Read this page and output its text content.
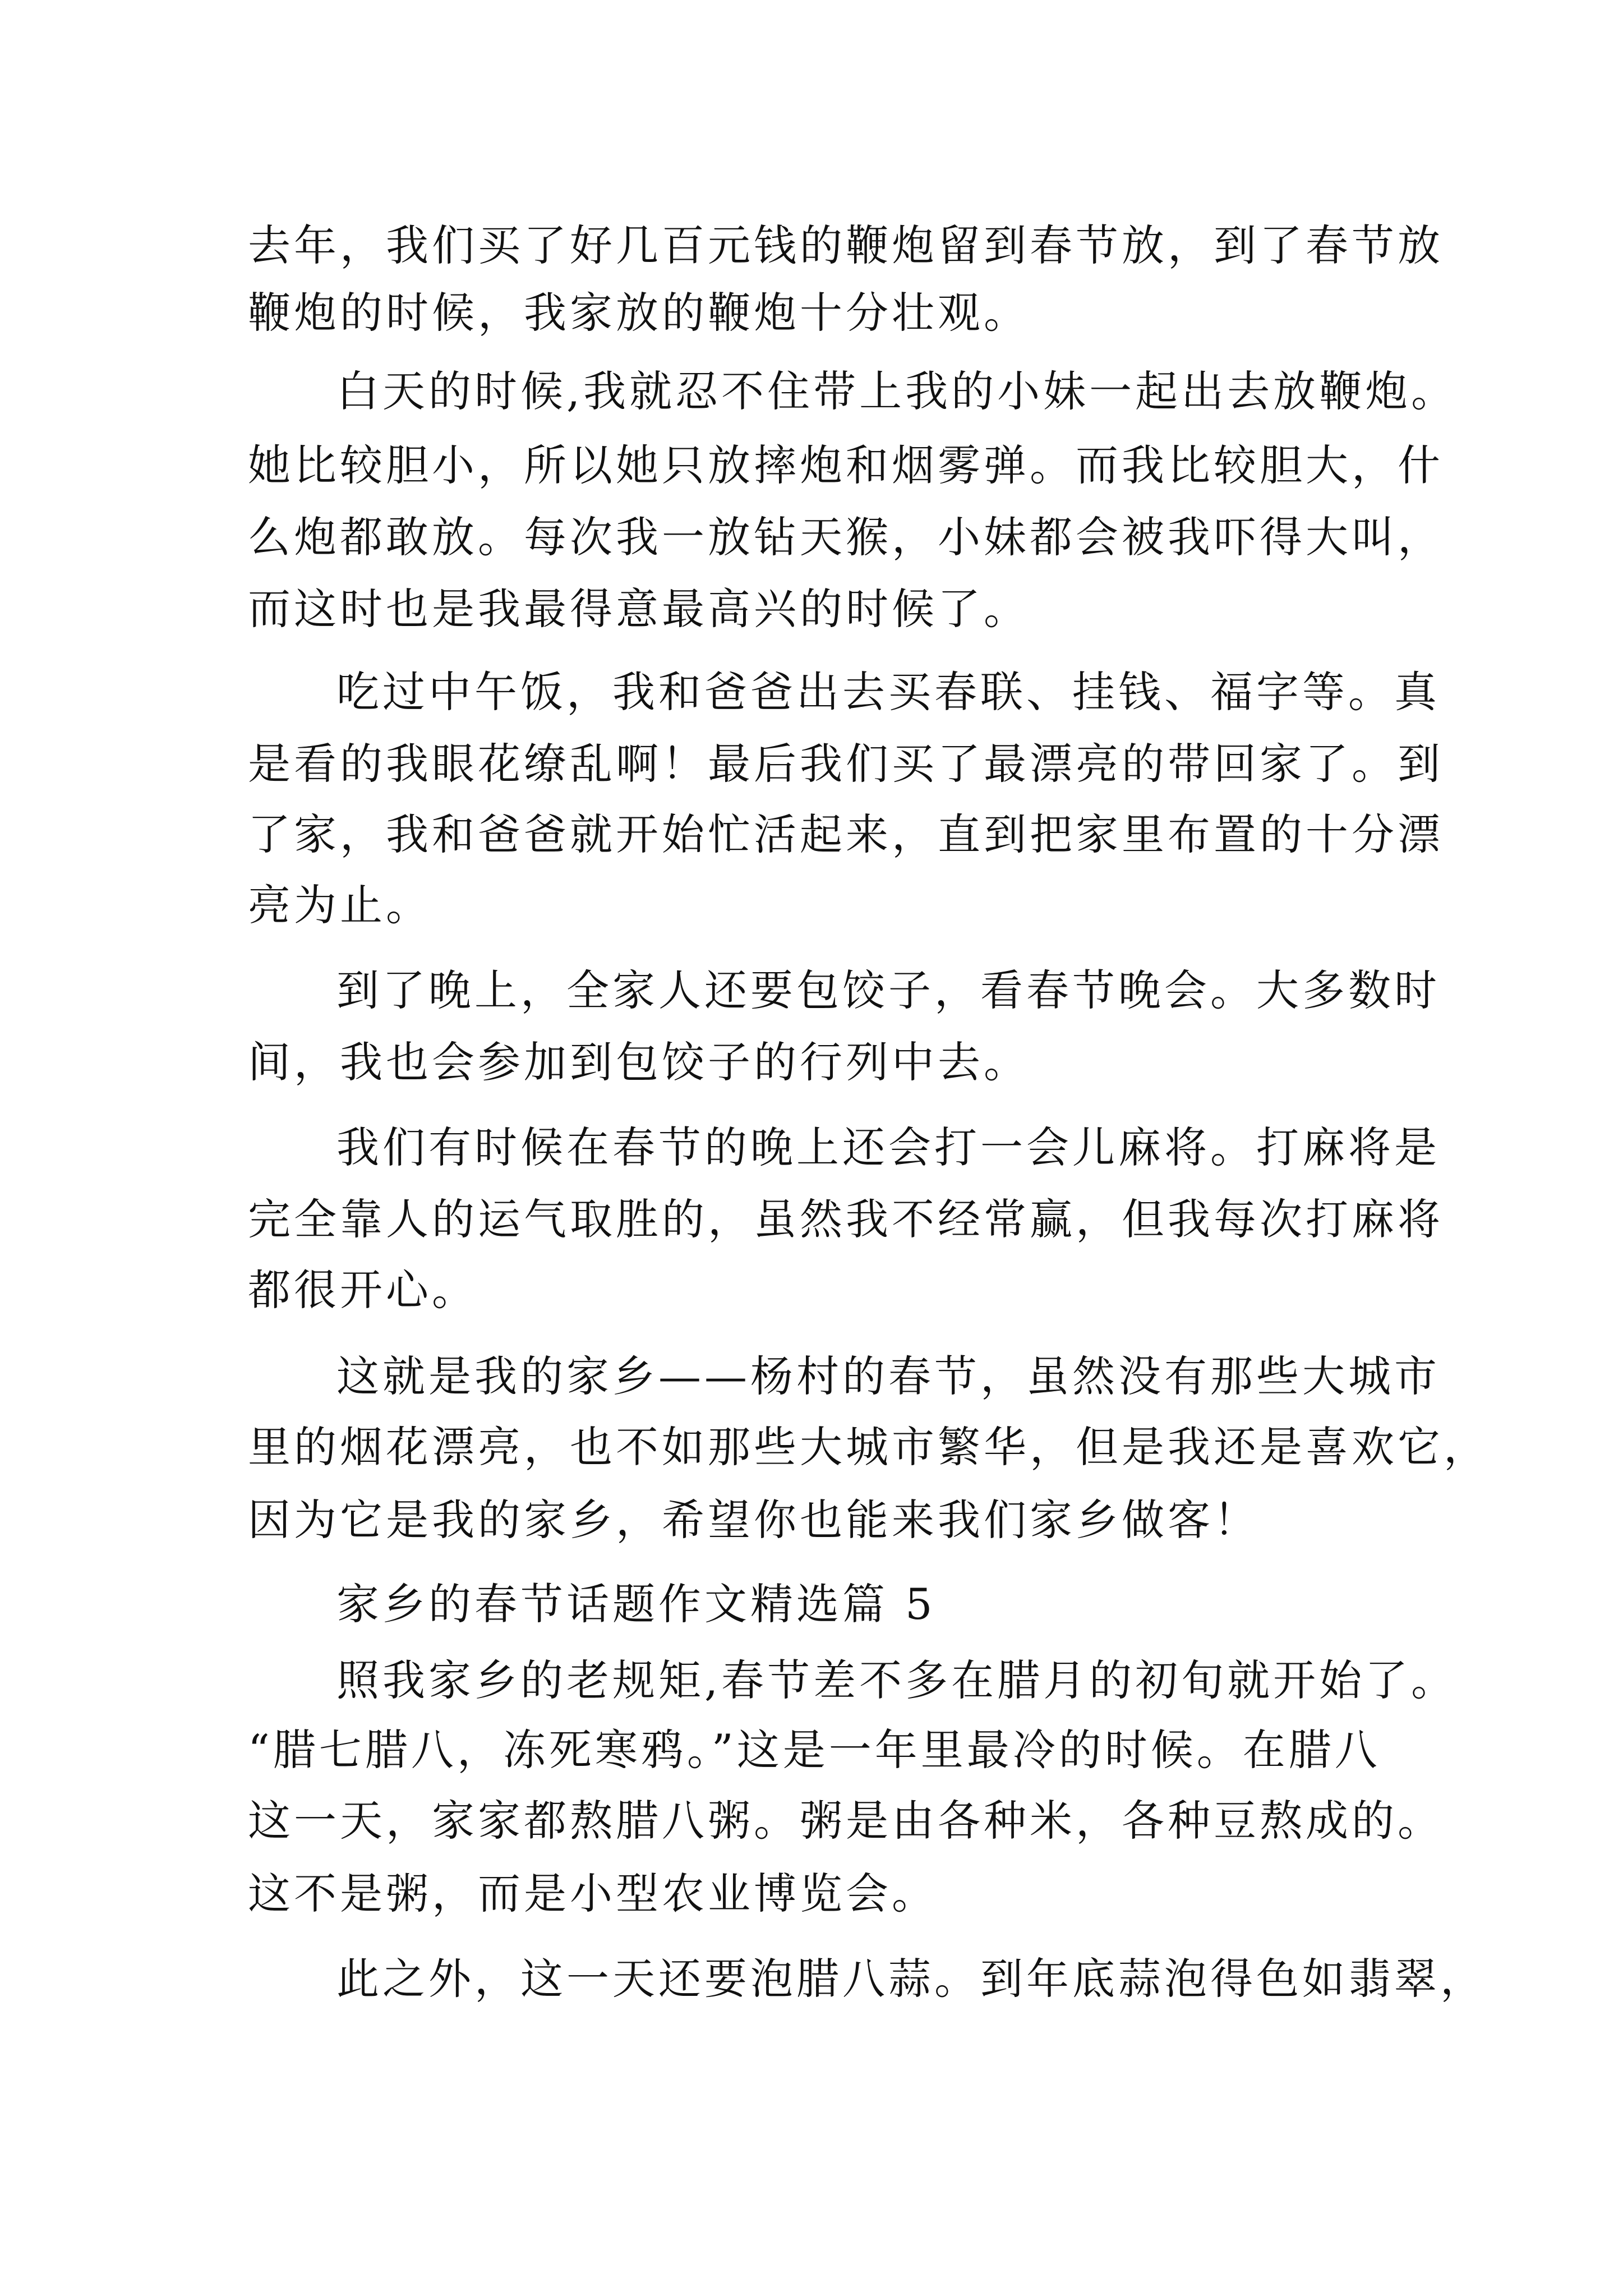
去年，我们买了好几百元钱的鞭炮留到春节放，到了春节放
鞭炮的时候，我家放的鞭炮十分壮观。
白天的时候,我就忍不住带上我的小妹一起出去放鞭炮。
她比较胆小，所以她只放摔炮和烟雾弹。而我比较胆大，什
么炮都敢放。每次我一放钻天猴，小妹都会被我吓得大叫，
而这时也是我最得意最高兴的时候了。
吃过中午饭，我和爸爸出去买春联、挂钱、福字等。真
是看的我眼花缭乱啊！最后我们买了最漂亮的带回家了。到
了家，我和爸爸就开始忙活起来，直到把家里布置的十分漂
亮为止。
到了晚上，全家人还要包饺子，看春节晚会。大多数时
间，我也会参加到包饺子的行列中去。
我们有时候在春节的晚上还会打一会儿麻将。打麻将是
完全靠人的运气取胜的，虽然我不经常赢，但我每次打麻将
都很开心。
这就是我的家乡——杨村的春节，虽然没有那些大城市
里的烟花漂亮，也不如那些大城市繁华，但是我还是喜欢它，
因为它是我的家乡，希望你也能来我们家乡做客！
家乡的春节话题作文精选篇 5
照我家乡的老规矩,春节差不多在腊月的初旬就开始了。
“腊七腊八，冻死寒鸦。”这是一年里最冷的时候。在腊八
这一天，家家都熬腊八粥。粥是由各种米，各种豆熬成的。
这不是粥，而是小型农业博览会。
此之外，这一天还要泡腊八蒜。到年底蒜泡得色如翡翠，
